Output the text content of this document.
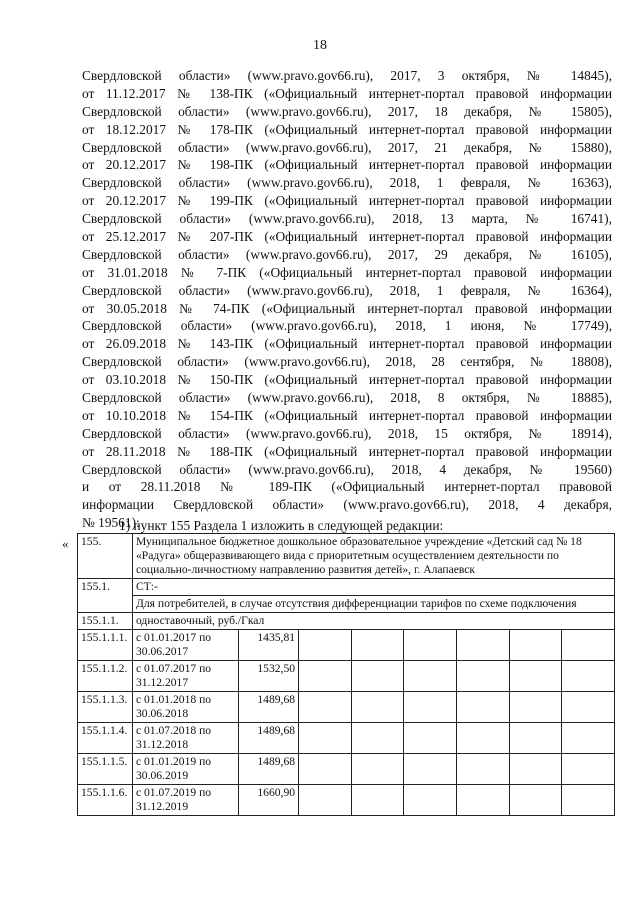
18
Свердловской области» (www.pravo.gov66.ru), 2017, 3 октября, № 14845),
от 11.12.2017 № 138-ПК («Официальный интернет-портал правовой информации
Свердловской области» (www.pravo.gov66.ru), 2017, 18 декабря, № 15805),
от 18.12.2017 № 178-ПК («Официальный интернет-портал правовой информации
Свердловской области» (www.pravo.gov66.ru), 2017, 21 декабря, № 15880),
от 20.12.2017 № 198-ПК («Официальный интернет-портал правовой информации
Свердловской области» (www.pravo.gov66.ru), 2018, 1 февраля, № 16363),
от 20.12.2017 № 199-ПК («Официальный интернет-портал правовой информации
Свердловской области» (www.pravo.gov66.ru), 2018, 13 марта, № 16741),
от 25.12.2017 № 207-ПК («Официальный интернет-портал правовой информации
Свердловской области» (www.pravo.gov66.ru), 2017, 29 декабря, № 16105),
от 31.01.2018 № 7-ПК («Официальный интернет-портал правовой информации
Свердловской области» (www.pravo.gov66.ru), 2018, 1 февраля, № 16364),
от 30.05.2018 № 74-ПК («Официальный интернет-портал правовой информации
Свердловской области» (www.pravo.gov66.ru), 2018, 1 июня, № 17749),
от 26.09.2018 № 143-ПК («Официальный интернет-портал правовой информации
Свердловской области» (www.pravo.gov66.ru), 2018, 28 сентября, № 18808),
от 03.10.2018 № 150-ПК («Официальный интернет-портал правовой информации
Свердловской области» (www.pravo.gov66.ru), 2018, 8 октября, № 18885),
от 10.10.2018 № 154-ПК («Официальный интернет-портал правовой информации
Свердловской области» (www.pravo.gov66.ru), 2018, 15 октября, № 18914),
от 28.11.2018 № 188-ПК («Официальный интернет-портал правовой информации
Свердловской области» (www.pravo.gov66.ru), 2018, 4 декабря, № 19560)
и от 28.11.2018 № 189-ПК («Официальный интернет-портал правовой
информации Свердловской области» (www.pravo.gov66.ru), 2018, 4 декабря,
№ 19561):
1) пункт 155 Раздела 1 изложить в следующей редакции:
« 155.	Муниципальное бюджетное дошкольное образовательное учреждение «Детский сад № 18 «Радуга» общеразвивающего вида с приоритетным осуществлением деятельности по социально-личностному направлению развития детей», г. Алапаевск							
155.1.	СТ:-							
	Для потребителей, в случае отсутствия дифференциации тарифов по схеме подключения							
155.1.1.	одноставочный, руб./Гкал							
155.1.1.1.	с 01.01.2017 по 30.06.2017	1435,81						
155.1.1.2.	с 01.07.2017 по 31.12.2017	1532,50						
155.1.1.3.	с 01.01.2018 по 30.06.2018	1489,68						
155.1.1.4.	с 01.07.2018 по 31.12.2018	1489,68						
155.1.1.5.	с 01.01.2019 по 30.06.2019	1489,68						
155.1.1.6.	с 01.07.2019 по 31.12.2019	1660,90						
